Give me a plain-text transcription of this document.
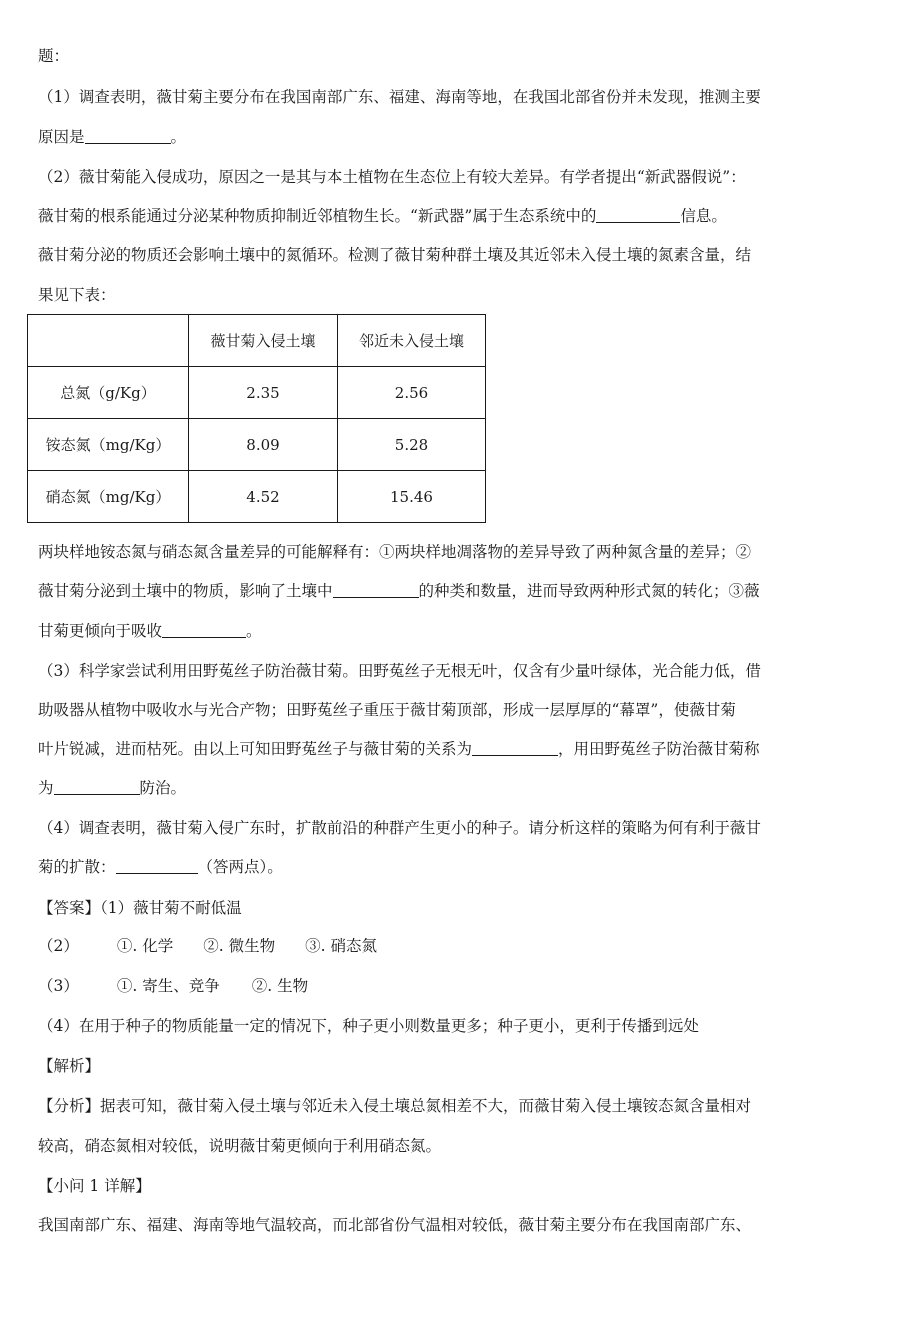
题：
（1）调查表明，薇甘菊主要分布在我国南部广东、福建、海南等地，在我国北部省份并未发现，推测主要
原因是	。
（2）薇甘菊能入侵成功，原因之一是其与本土植物在生态位上有较大差异。有学者提出“新武器假说”：
薇甘菊的根系能通过分泌某种物质抑制近邻植物生长。“新武器”属于生态系统中的	信息。
薇甘菊分泌的物质还会影响土壤中的氮循环。检测了薇甘菊种群土壤及其近邻未入侵土壤的氮素含量，结
果见下表：
	薇甘菊入侵土壤	邻近未入侵土壤
总氮（g/Kg）	2.35	2.56
铵态氮（mg/Kg）	8.09	5.28
硝态氮（mg/Kg）	4.52	15.46
两块样地铵态氮与硝态氮含量差异的可能解释有：①两块样地凋落物的差异导致了两种氮含量的差异；②
薇甘菊分泌到土壤中的物质，影响了土壤中	的种类和数量，进而导致两种形式氮的转化；③薇
甘菊更倾向于吸收	。
（3）科学家尝试利用田野菟丝子防治薇甘菊。田野菟丝子无根无叶，仅含有少量叶绿体，光合能力低，借
助吸器从植物中吸收水与光合产物；田野菟丝子重压于薇甘菊顶部，形成一层厚厚的“幕罩”，使薇甘菊
叶片锐减，进而枯死。由以上可知田野菟丝子与薇甘菊的关系为	，用田野菟丝子防治薇甘菊称
为	防治。
（4）调查表明，薇甘菊入侵广东时，扩散前沿的种群产生更小的种子。请分析这样的策略为何有利于薇甘
菊的扩散：	（答两点）。
【答案】（1）薇甘菊不耐低温
（2） ①. 化学 ②. 微生物 ③. 硝态氮
（3） ①. 寄生、竞争 ②. 生物
（4）在用于种子的物质能量一定的情况下，种子更小则数量更多；种子更小，更利于传播到远处
【解析】
【分析】据表可知，薇甘菊入侵土壤与邻近未入侵土壤总氮相差不大，而薇甘菊入侵土壤铵态氮含量相对
较高，硝态氮相对较低，说明薇甘菊更倾向于利用硝态氮。
【小问 1 详解】
我国南部广东、福建、海南等地气温较高，而北部省份气温相对较低，薇甘菊主要分布在我国南部广东、
